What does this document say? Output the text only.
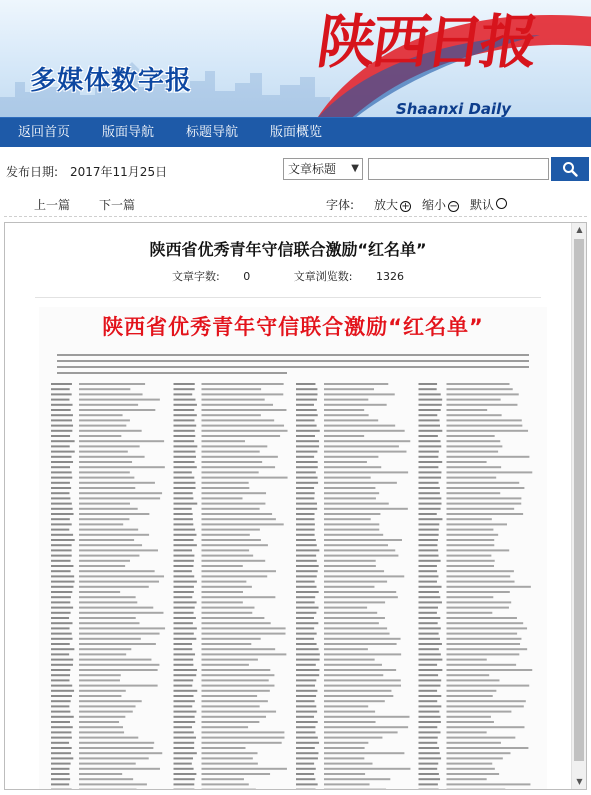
多媒体数字报
陕西日报
Shaanxi Daily
返回首页 版面导航 标题导航 版面概览
发布日期: 2017年11月25日	文章标题 ▼
上一篇 下一篇	字体: 放大 + 缩小 − 默认
陕西省优秀青年守信联合激励“红名单”
文章字数: 0	文章浏览数: 1326
陕西省优秀青年守信联合激励“红名单”
▲
▼
